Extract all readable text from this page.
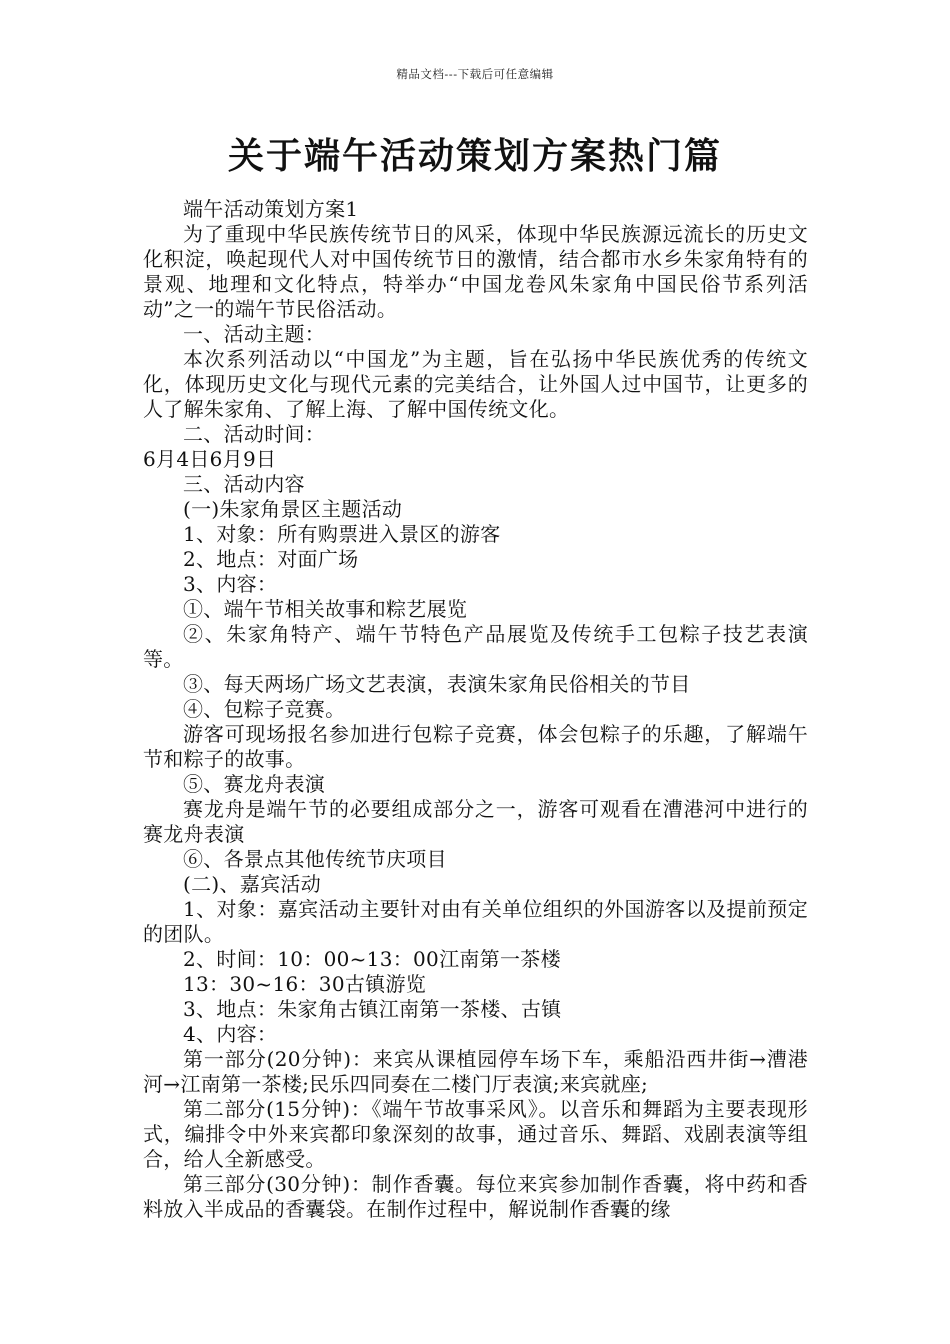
精品文档---下载后可任意编辑
关于端午活动策划方案热门篇

端午活动策划方案1

为了重现中华民族传统节日的风采，体现中华民族源远流长的历史文化积淀，唤起现代人对中国传统节日的激情，结合都市水乡朱家角特有的景观、地理和文化特点，特举办“中国龙卷风朱家角中国民俗节系列活动”之一的端午节民俗活动。

一、活动主题：

本次系列活动以“中国龙”为主题，旨在弘扬中华民族优秀的传统文化，体现历史文化与现代元素的完美结合，让外国人过中国节，让更多的人了解朱家角、了解上海、了解中国传统文化。

二、活动时间：

6月4日6月9日

三、活动内容

(一)朱家角景区主题活动

1、对象：所有购票进入景区的游客

2、地点：对面广场

3、内容：

①、端午节相关故事和粽艺展览

②、朱家角特产、端午节特色产品展览及传统手工包粽子技艺表演等。

③、每天两场广场文艺表演，表演朱家角民俗相关的节目

④、包粽子竞赛。

游客可现场报名参加进行包粽子竞赛，体会包粽子的乐趣，了解端午节和粽子的故事。

⑤、赛龙舟表演

赛龙舟是端午节的必要组成部分之一，游客可观看在漕港河中进行的赛龙舟表演

⑥、各景点其他传统节庆项目

(二)、嘉宾活动

1、对象：嘉宾活动主要针对由有关单位组织的外国游客以及提前预定的团队。

2、时间：10：00~13：00江南第一茶楼

13：30~16：30古镇游览

3、地点：朱家角古镇江南第一茶楼、古镇

4、内容：

第一部分(20分钟)：来宾从课植园停车场下车，乘船沿西井街→漕港河→江南第一茶楼;民乐四同奏在二楼门厅表演;来宾就座;

第二部分(15分钟)：《端午节故事采风》。以音乐和舞蹈为主要表现形式，编排令中外来宾都印象深刻的故事，通过音乐、舞蹈、戏剧表演等组合，给人全新感受。

第三部分(30分钟)：制作香囊。每位来宾参加制作香囊，将中药和香料放入半成品的香囊袋。在制作过程中，解说制作香囊的缘
